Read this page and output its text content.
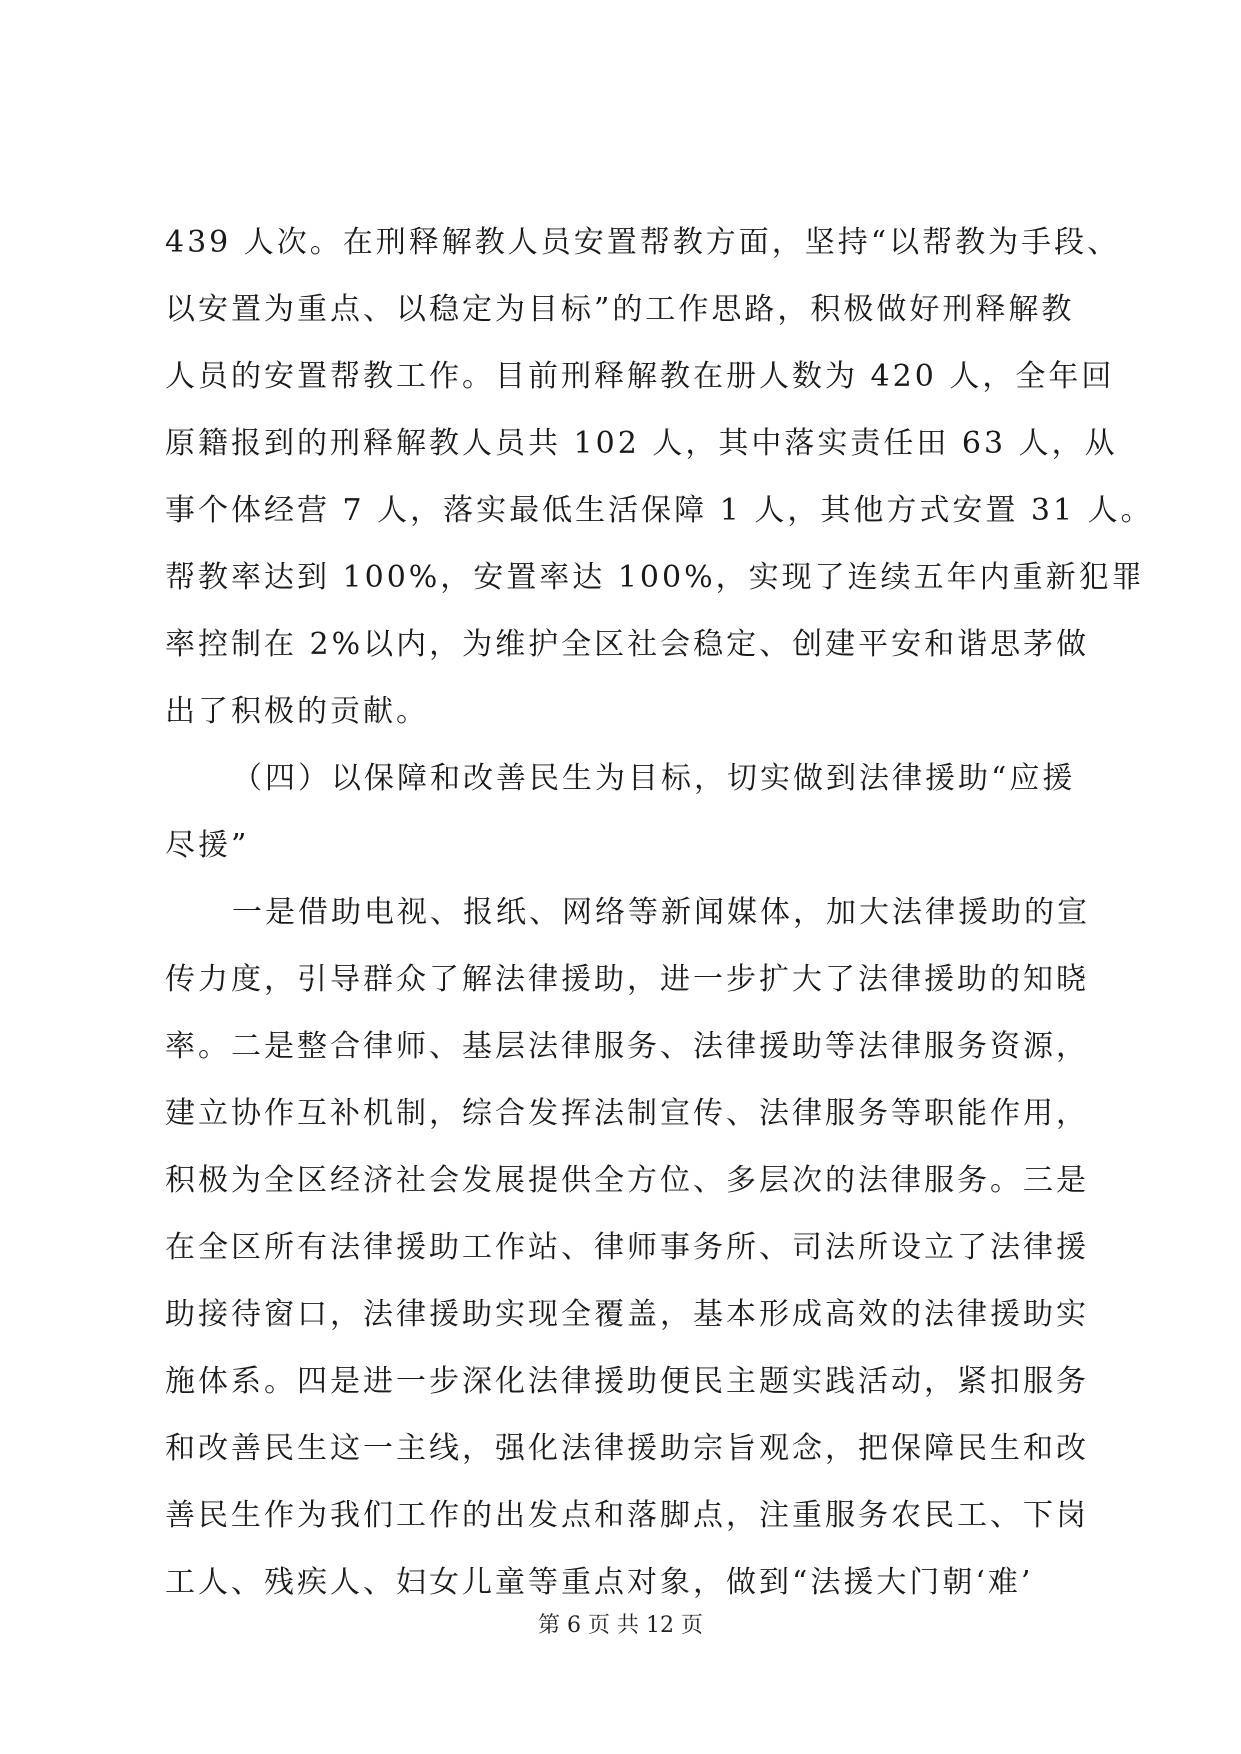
439 人次。在刑释解教人员安置帮教方面，坚持“以帮教为手段、
以安置为重点、以稳定为目标”的工作思路，积极做好刑释解教
人员的安置帮教工作。目前刑释解教在册人数为 420 人，全年回
原籍报到的刑释解教人员共 102 人，其中落实责任田 63 人，从
事个体经营 7 人，落实最低生活保障 1 人，其他方式安置 31 人。
帮教率达到 100%，安置率达 100%，实现了连续五年内重新犯罪
率控制在 2%以内，为维护全区社会稳定、创建平安和谐思茅做
出了积极的贡献。
（四）以保障和改善民生为目标，切实做到法律援助“应援
尽援”
一是借助电视、报纸、网络等新闻媒体，加大法律援助的宣
传力度，引导群众了解法律援助，进一步扩大了法律援助的知晓
率。二是整合律师、基层法律服务、法律援助等法律服务资源，
建立协作互补机制，综合发挥法制宣传、法律服务等职能作用，
积极为全区经济社会发展提供全方位、多层次的法律服务。三是
在全区所有法律援助工作站、律师事务所、司法所设立了法律援
助接待窗口，法律援助实现全覆盖，基本形成高效的法律援助实
施体系。四是进一步深化法律援助便民主题实践活动，紧扣服务
和改善民生这一主线，强化法律援助宗旨观念，把保障民生和改
善民生作为我们工作的出发点和落脚点，注重服务农民工、下岗
工人、残疾人、妇女儿童等重点对象，做到“法援大门朝‘难’
第 6 页 共 12 页
